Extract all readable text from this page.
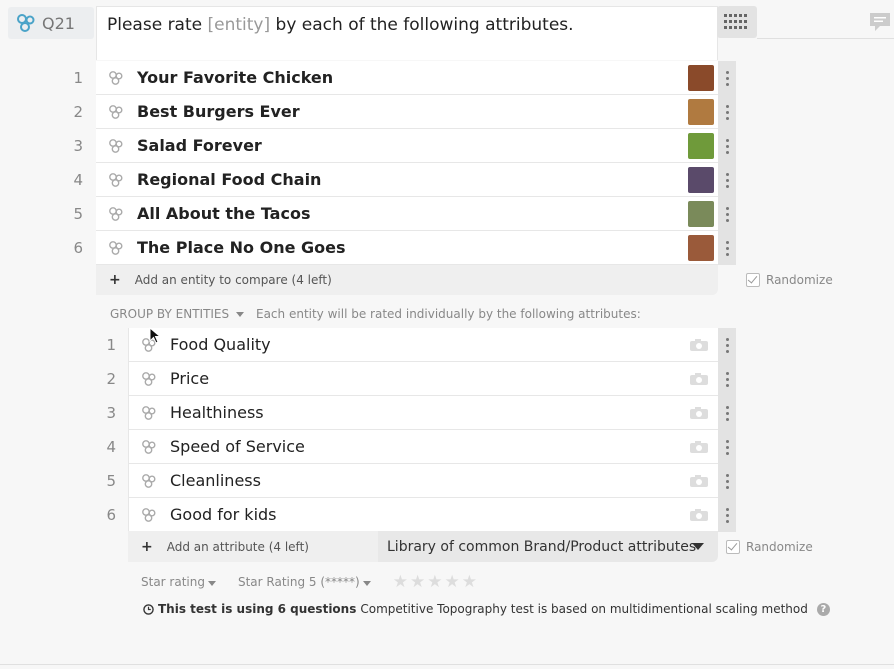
Q21	Please rate [entity] by each of the following attributes.
1	Your Favorite Chicken
2	Best Burgers Ever
3	Salad Forever
4	Regional Food Chain
5	All About the Tacos
6	The Place No One Goes
+ Add an entity to compare (4 left)	Randomize
GROUP BY ENTITIES Each entity will be rated individually by the following attributes:
1	Food Quality
2	Price
3	Healthiness
4	Speed of Service
5	Cleanliness
6	Good for kids
+ Add an attribute (4 left)	Library of common Brand/Product attributes	Randomize
Star rating	Star Rating 5 (*****)	★ ★ ★ ★ ★
This test is using 6 questions Competitive Topography test is based on multidimentional scaling method	?
